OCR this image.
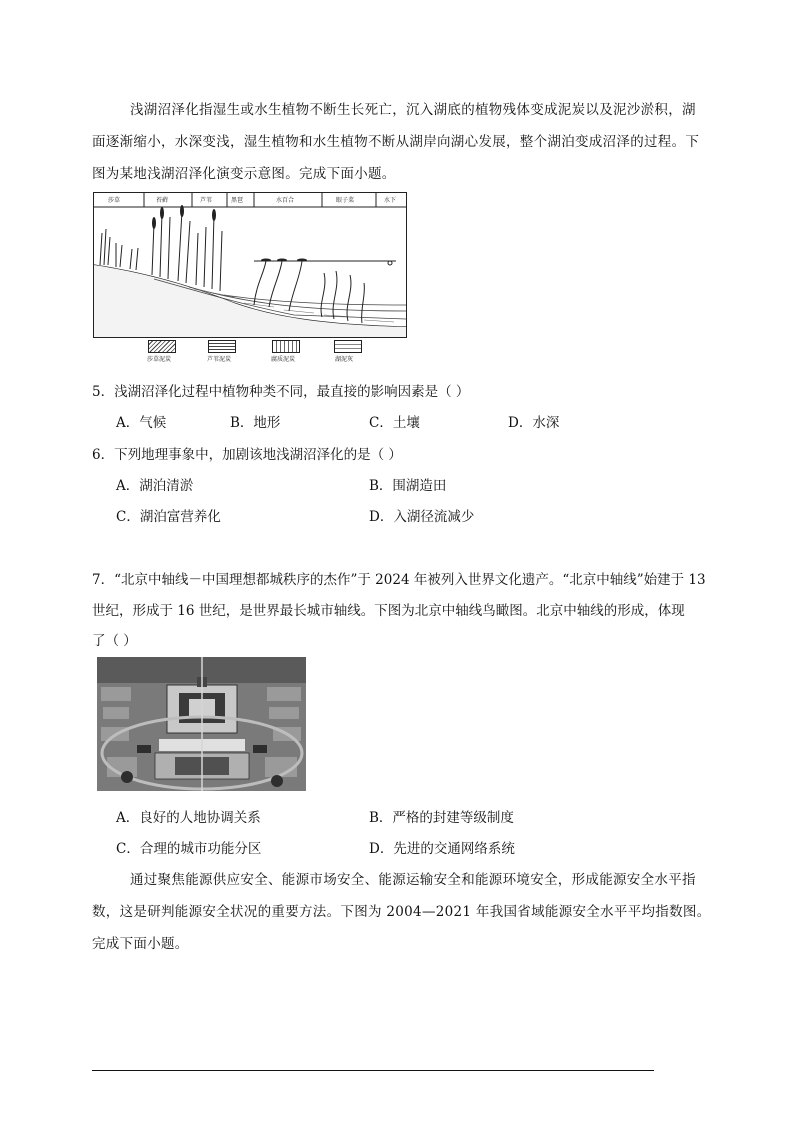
浅湖沼泽化指湿生或水生植物不断生长死亡，沉入湖底的植物残体变成泥炭以及泥沙淤积，湖
面逐渐缩小，水深变浅，湿生植物和水生植物不断从湖岸向湖心发展，整个湖泊变成沼泽的过程。下
图为某地浅湖沼泽化演变示意图。完成下面小题。
莎草	苔藓	芦苇	黑琶	水百合	眼子菜	水下
莎草泥炭	芦苇泥炭	腐质泥炭	湖泥灰
5．浅湖沼泽化过程中植物种类不同，最直接的影响因素是（ ）
A．气候	B．地形	C．土壤	D．水深
6．下列地理事象中，加剧该地浅湖沼泽化的是（ ）
A．湖泊清淤	B．围湖造田
C．湖泊富营养化	D．入湖径流减少
7．“北京中轴线－中国理想都城秩序的杰作”于 2024 年被列入世界文化遗产。“北京中轴线”始建于 13
世纪，形成于 16 世纪，是世界最长城市轴线。下图为北京中轴线鸟瞰图。北京中轴线的形成，体现
了（ ）
A．良好的人地协调关系	B．严格的封建等级制度
C．合理的城市功能分区	D．先进的交通网络系统
通过聚焦能源供应安全、能源市场安全、能源运输安全和能源环境安全，形成能源安全水平指
数，这是研判能源安全状况的重要方法。下图为 2004—2021 年我国省域能源安全水平平均指数图。
完成下面小题。
